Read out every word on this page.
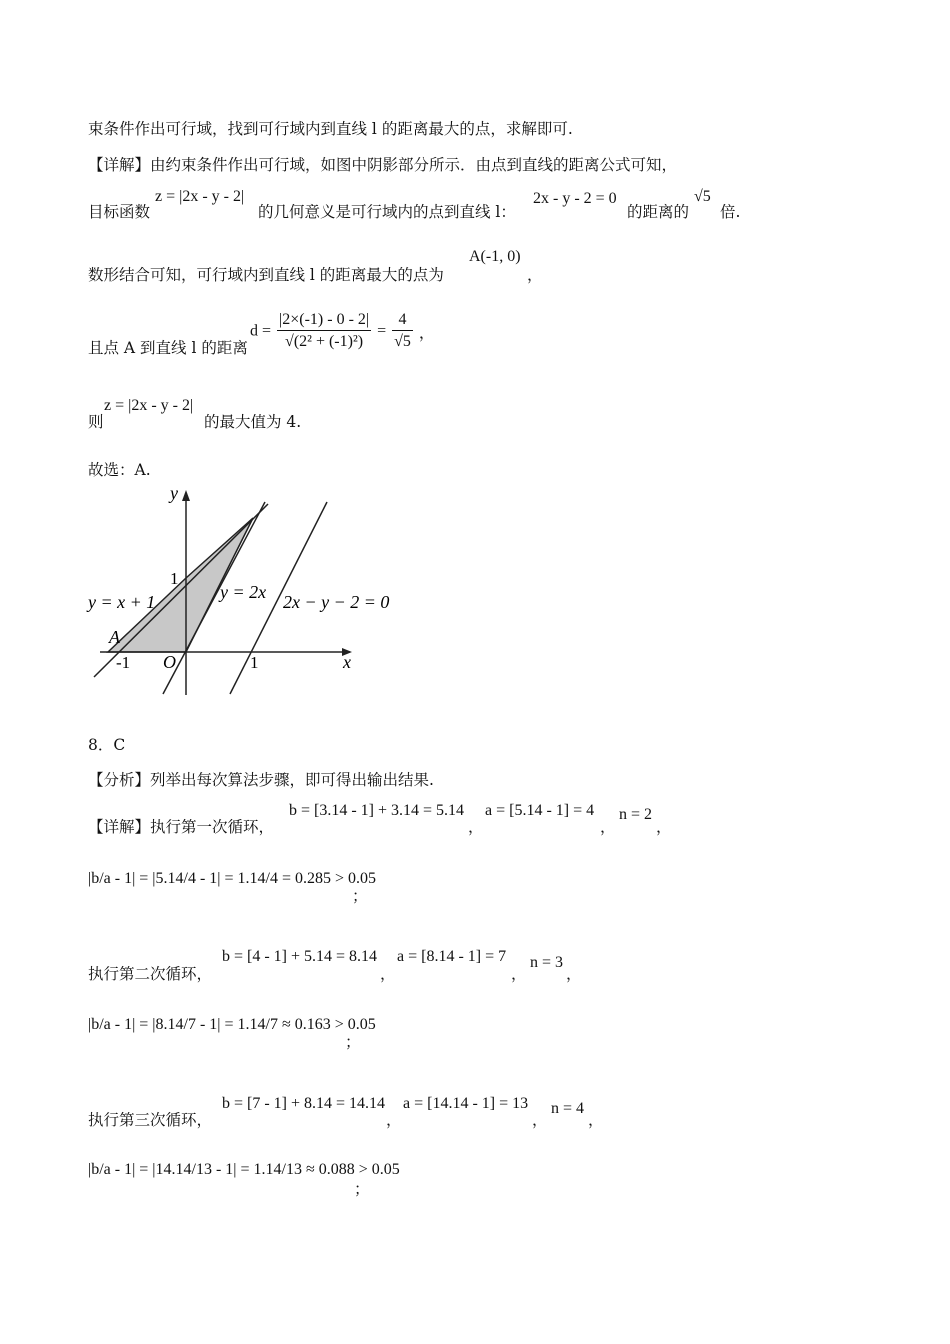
束条件作出可行域，找到可行域内到直线 l 的距离最大的点，求解即可.
【详解】由约束条件作出可行域，如图中阴影部分所示．由点到直线的距离公式可知，
目标函数
z = |2x - y - 2|
的几何意义是可行域内的点到直线 l：
2x - y - 2 = 0
的距离的
√5
倍.
数形结合可知，可行域内到直线 l 的距离最大的点为
A(-1, 0)
，
且点 A 到直线 l 的距离
$d = \frac{|2\times(-1) - 0 - 2|}{\text{√(2² + (-1)²)}} = \frac{4}{√5}$ ，
则
z = |2x - y - 2|
的最大值为 4.
故选：A.
y
x
O
1
-1	1
A
y = x + 1	y = 2x 2x − y − 2 = 0
8．C
【分析】列举出每次算法步骤，即可得出输出结果.
【详解】执行第一次循环，
b = [3.14 - 1] + 3.14 = 5.14
，
a = [5.14 - 1] = 4
，
n = 2
，
|b/a - 1| = |5.14/4 - 1| = 1.14/4 = 0.285 > 0.05
；
执行第二次循环，
b = [4 - 1] + 5.14 = 8.14
，
a = [8.14 - 1] = 7
，
n = 3
，
|b/a - 1| = |8.14/7 - 1| = 1.14/7 ≈ 0.163 > 0.05
；
执行第三次循环，
b = [7 - 1] + 8.14 = 14.14
，
a = [14.14 - 1] = 13
，
n = 4
，
|b/a - 1| = |14.14/13 - 1| = 1.14/13 ≈ 0.088 > 0.05
；
